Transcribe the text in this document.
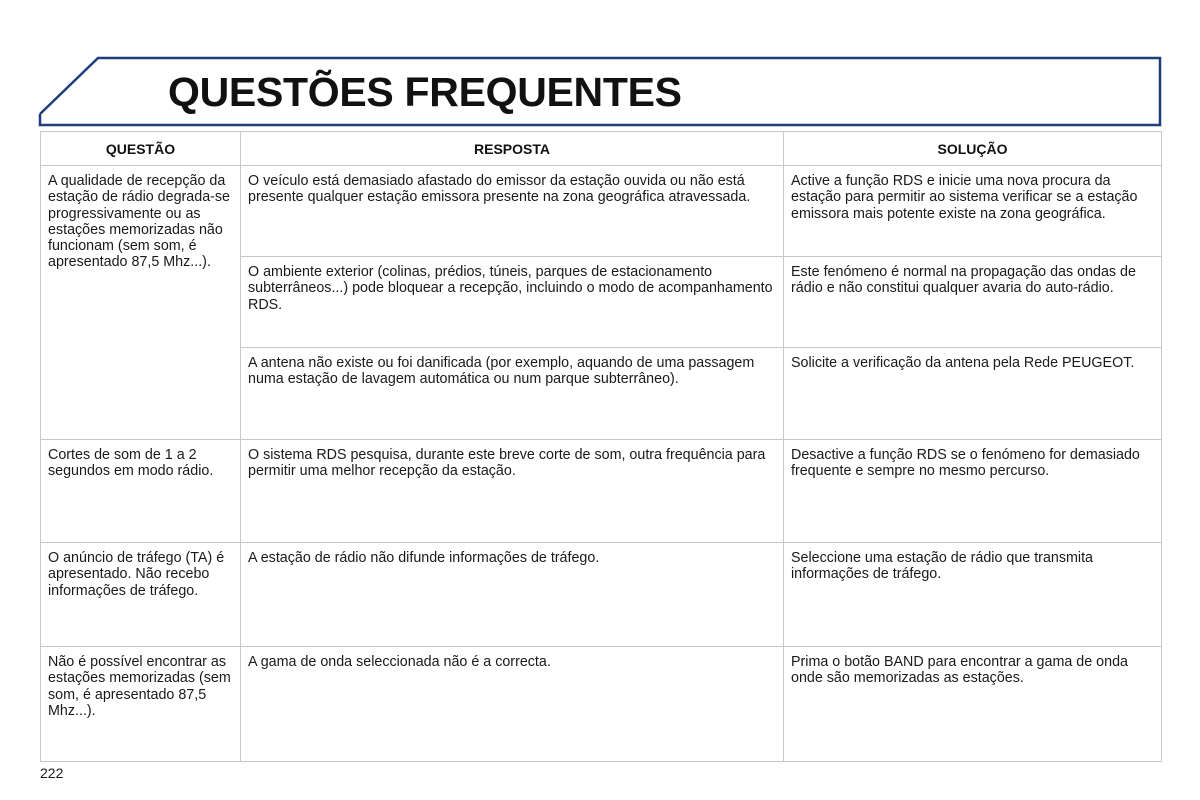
QUESTÕES FREQUENTES
QUESTÃO	RESPOSTA	SOLUÇÃO
A qualidade de recepção da estação de rádio degrada-se progressivamente ou as estações memorizadas não funcionam (sem som, é apresentado 87,5 Mhz...).	O veículo está demasiado afastado do emissor da estação ouvida ou não está presente qualquer estação emissora presente na zona geográfica atravessada.	Active a função RDS e inicie uma nova procura da estação para permitir ao sistema verificar se a estação emissora mais potente existe na zona geográfica.
	O ambiente exterior (colinas, prédios, túneis, parques de estacionamento subterrâneos...) pode bloquear a recepção, incluindo o modo de acompanhamento RDS.	Este fenómeno é normal na propagação das ondas de rádio e não constitui qualquer avaria do auto-rádio.
	A antena não existe ou foi danificada (por exemplo, aquando de uma passagem numa estação de lavagem automática ou num parque subterrâneo).	Solicite a verificação da antena pela Rede PEUGEOT.
Cortes de som de 1 a 2 segundos em modo rádio.	O sistema RDS pesquisa, durante este breve corte de som, outra frequência para permitir uma melhor recepção da estação.	Desactive a função RDS se o fenómeno for demasiado frequente e sempre no mesmo percurso.
O anúncio de tráfego (TA) é apresentado. Não recebo informações de tráfego.	A estação de rádio não difunde informações de tráfego.	Seleccione uma estação de rádio que transmita informações de tráfego.
Não é possível encontrar as estações memorizadas (sem som, é apresentado 87,5 Mhz...).	A gama de onda seleccionada não é a correcta.	Prima o botão BAND para encontrar a gama de onda onde são memorizadas as estações.
222
